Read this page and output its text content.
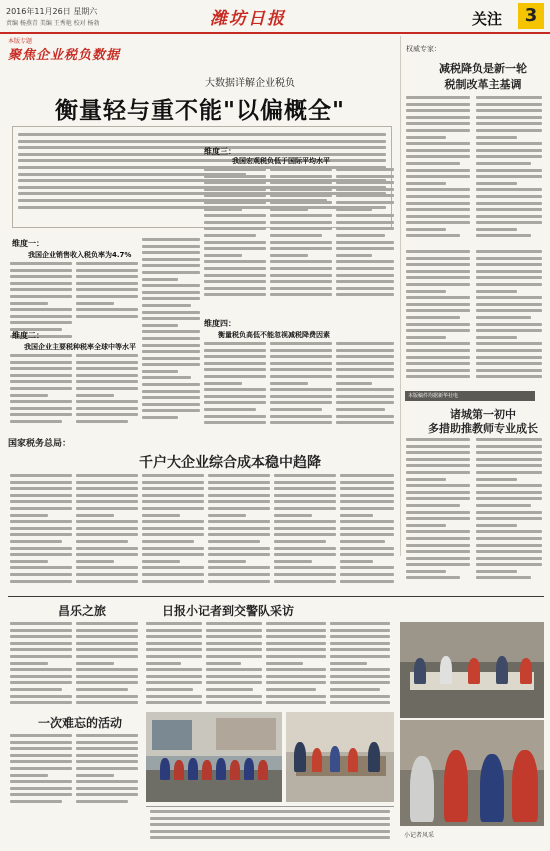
2016年11月26日 星期六
责编 杨燕青 美编 王秀艳 校对 杨勃	潍坊日报	关注	3
本版专题
聚焦企业税负数据
大数据详解企业税负
衡量轻与重不能"以偏概全"
维度一：
我国企业销售收入税负率为4.7%
维度二：
我国企业主要税种税率全球中等水平
维度三：
我国宏观税负低于国际平均水平
维度四：
衡量税负高低不能忽视减税降费因素
国家税务总局：
千户大企业综合成本稳中趋降
权威专家：
减税降负是新一轮
税制改革主基调
本版稿件均据新华社电
诸城第一初中
多措助推教师专业成长
昌乐之旅	日报小记者到交警队采访
一次难忘的活动
小记者风采
